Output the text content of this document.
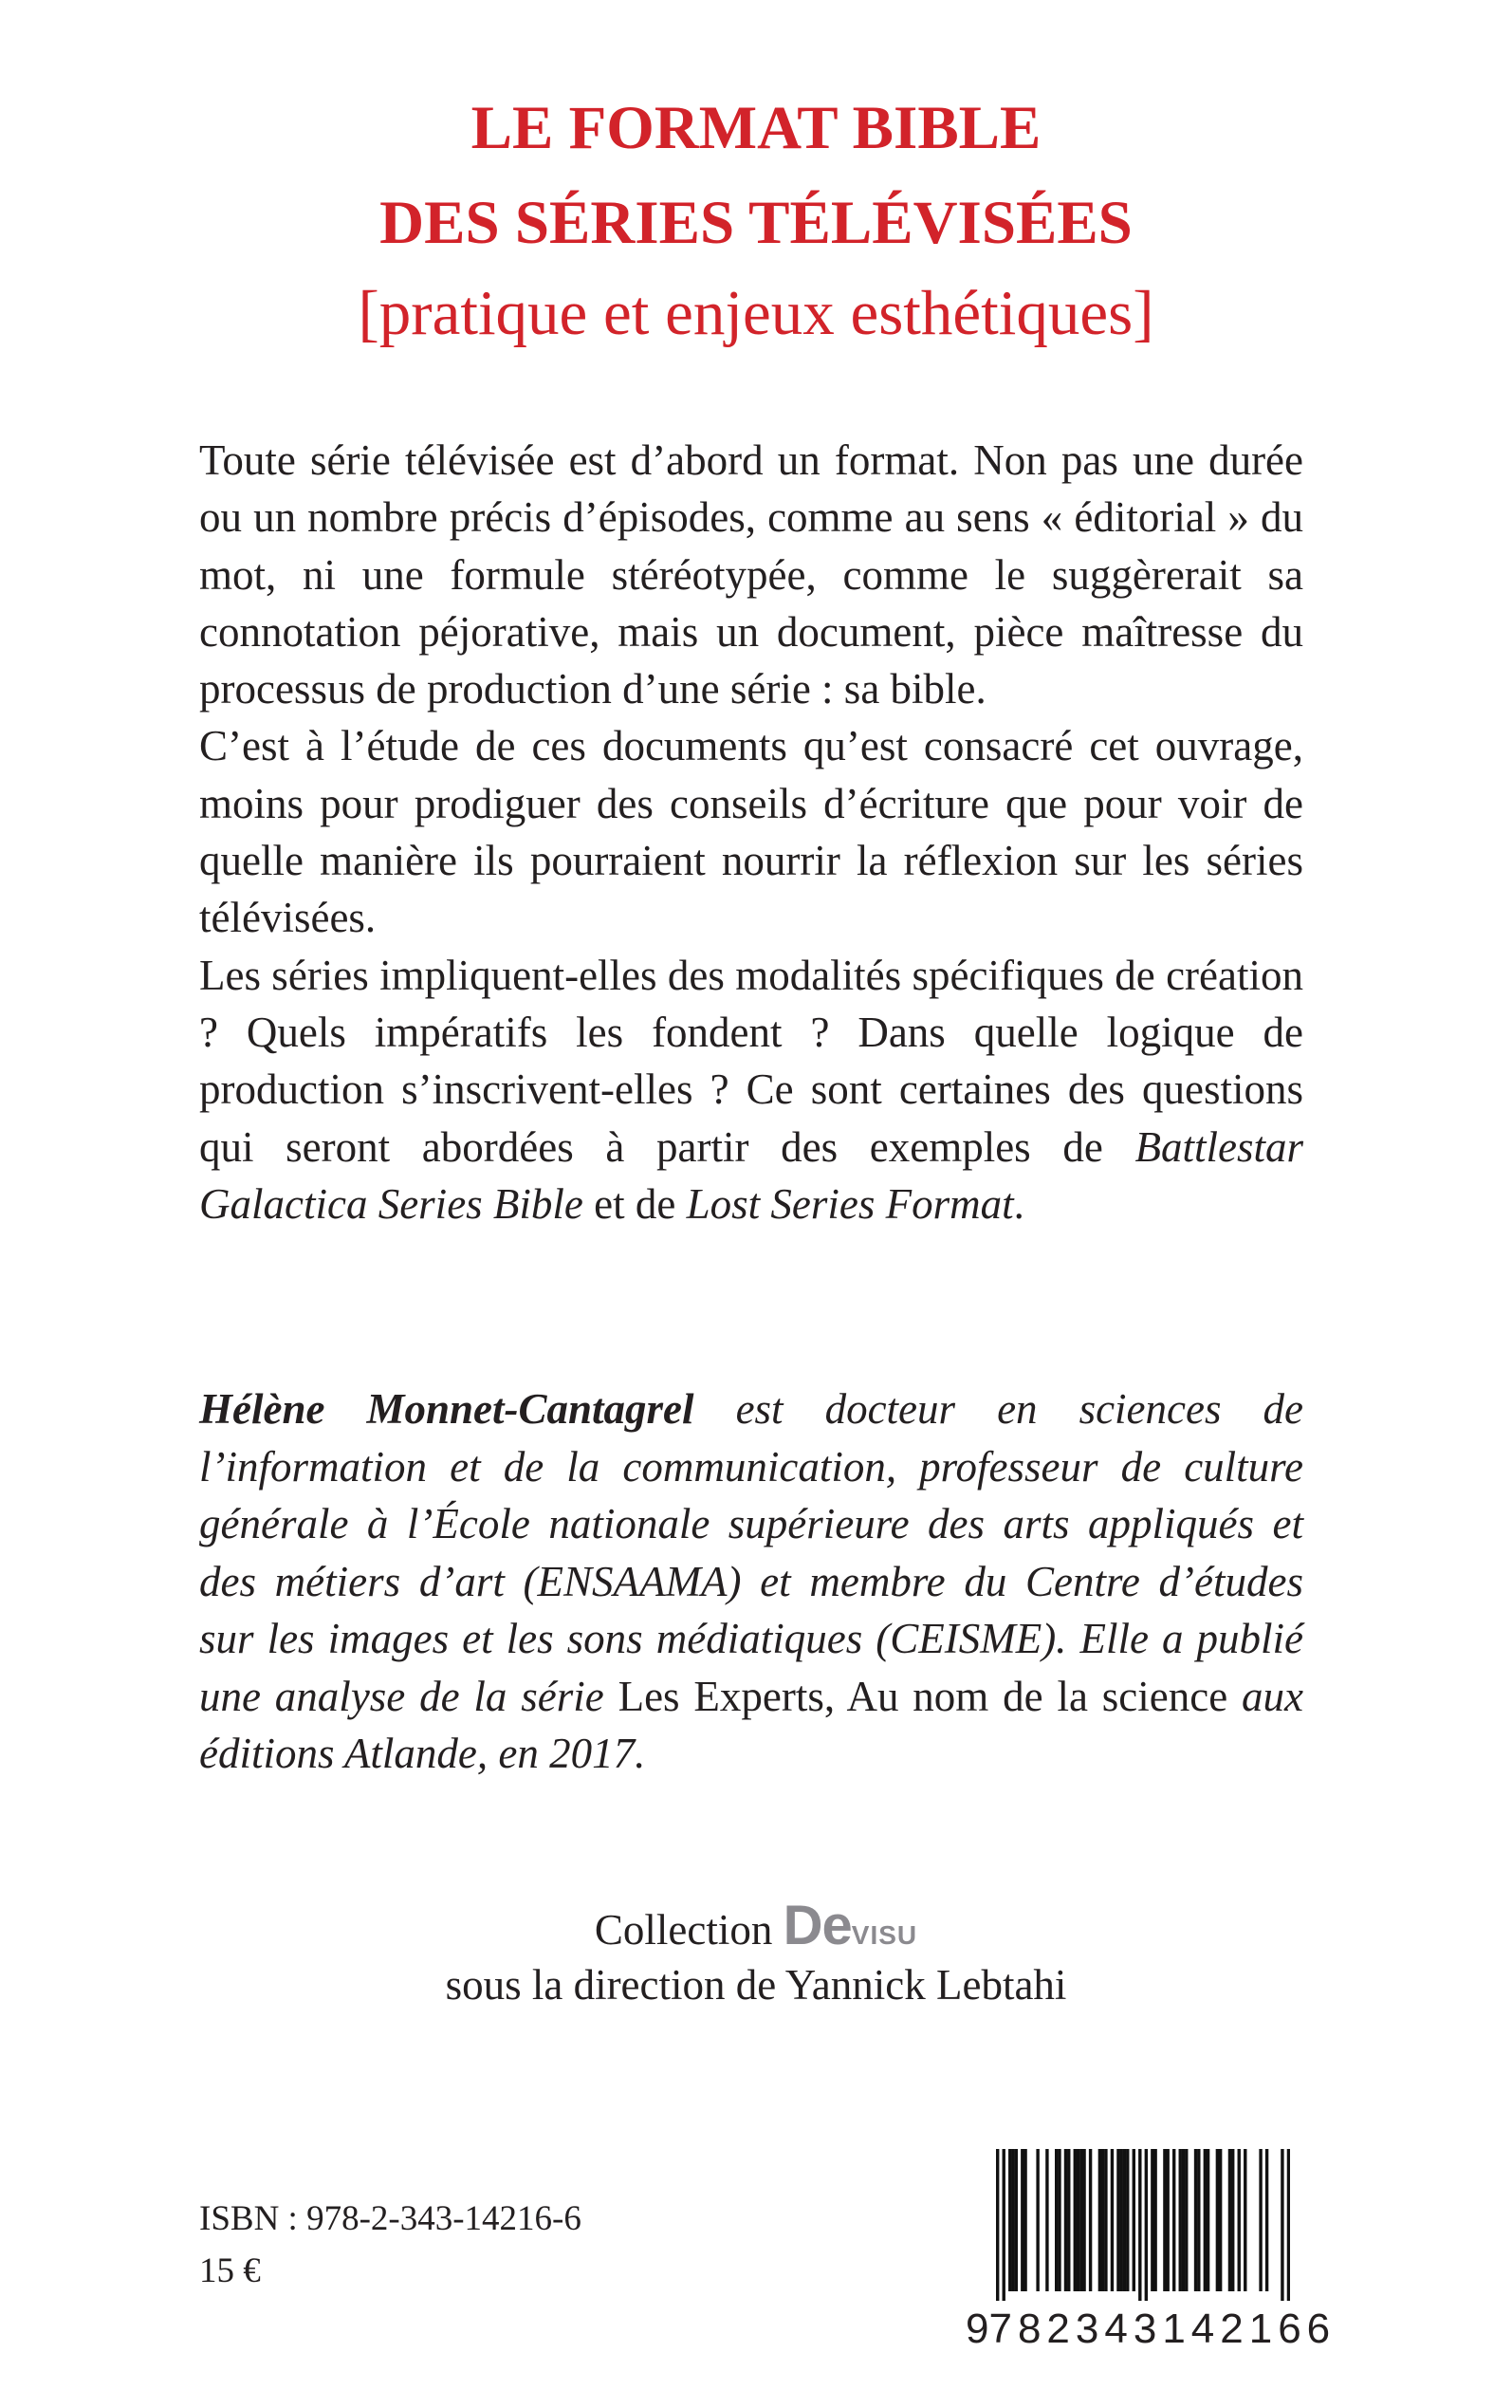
LE FORMAT BIBLE
DES SÉRIES TÉLÉVISÉES
[pratique et enjeux esthétiques]

Toute série télévisée est d’abord un format. Non pas une durée ou un nombre précis d’épisodes, comme au sens « éditorial » du mot, ni une formule stéréotypée, comme le suggèrerait sa connotation péjorative, mais un document, pièce maîtresse du processus de production d’une série : sa bible.

C’est à l’étude de ces documents qu’est consacré cet ouvrage, moins pour prodiguer des conseils d’écriture que pour voir de quelle manière ils pourraient nourrir la réflexion sur les séries télévisées.

Les séries impliquent-elles des modalités spécifiques de création ? Quels impératifs les fondent ? Dans quelle logique de production s’inscrivent-elles ? Ce sont certaines des questions qui seront abordées à partir des exemples de Battlestar Galactica Series Bible et de Lost Series Format.

Hélène Monnet-Cantagrel est docteur en sciences de l’information et de la communication, professeur de culture générale à l’École nationale supérieure des arts appliqués et des métiers d’art (ENSAAMA) et membre du Centre d’études sur les images et les sons médiatiques (CEISME). Elle a publié une analyse de la série Les Experts, Au nom de la science aux éditions Atlande, en 2017.
Collection DeVISU
sous la direction de Yannick Lebtahi
ISBN : 978-2-343-14216-6
15 €
9 782343 142166
